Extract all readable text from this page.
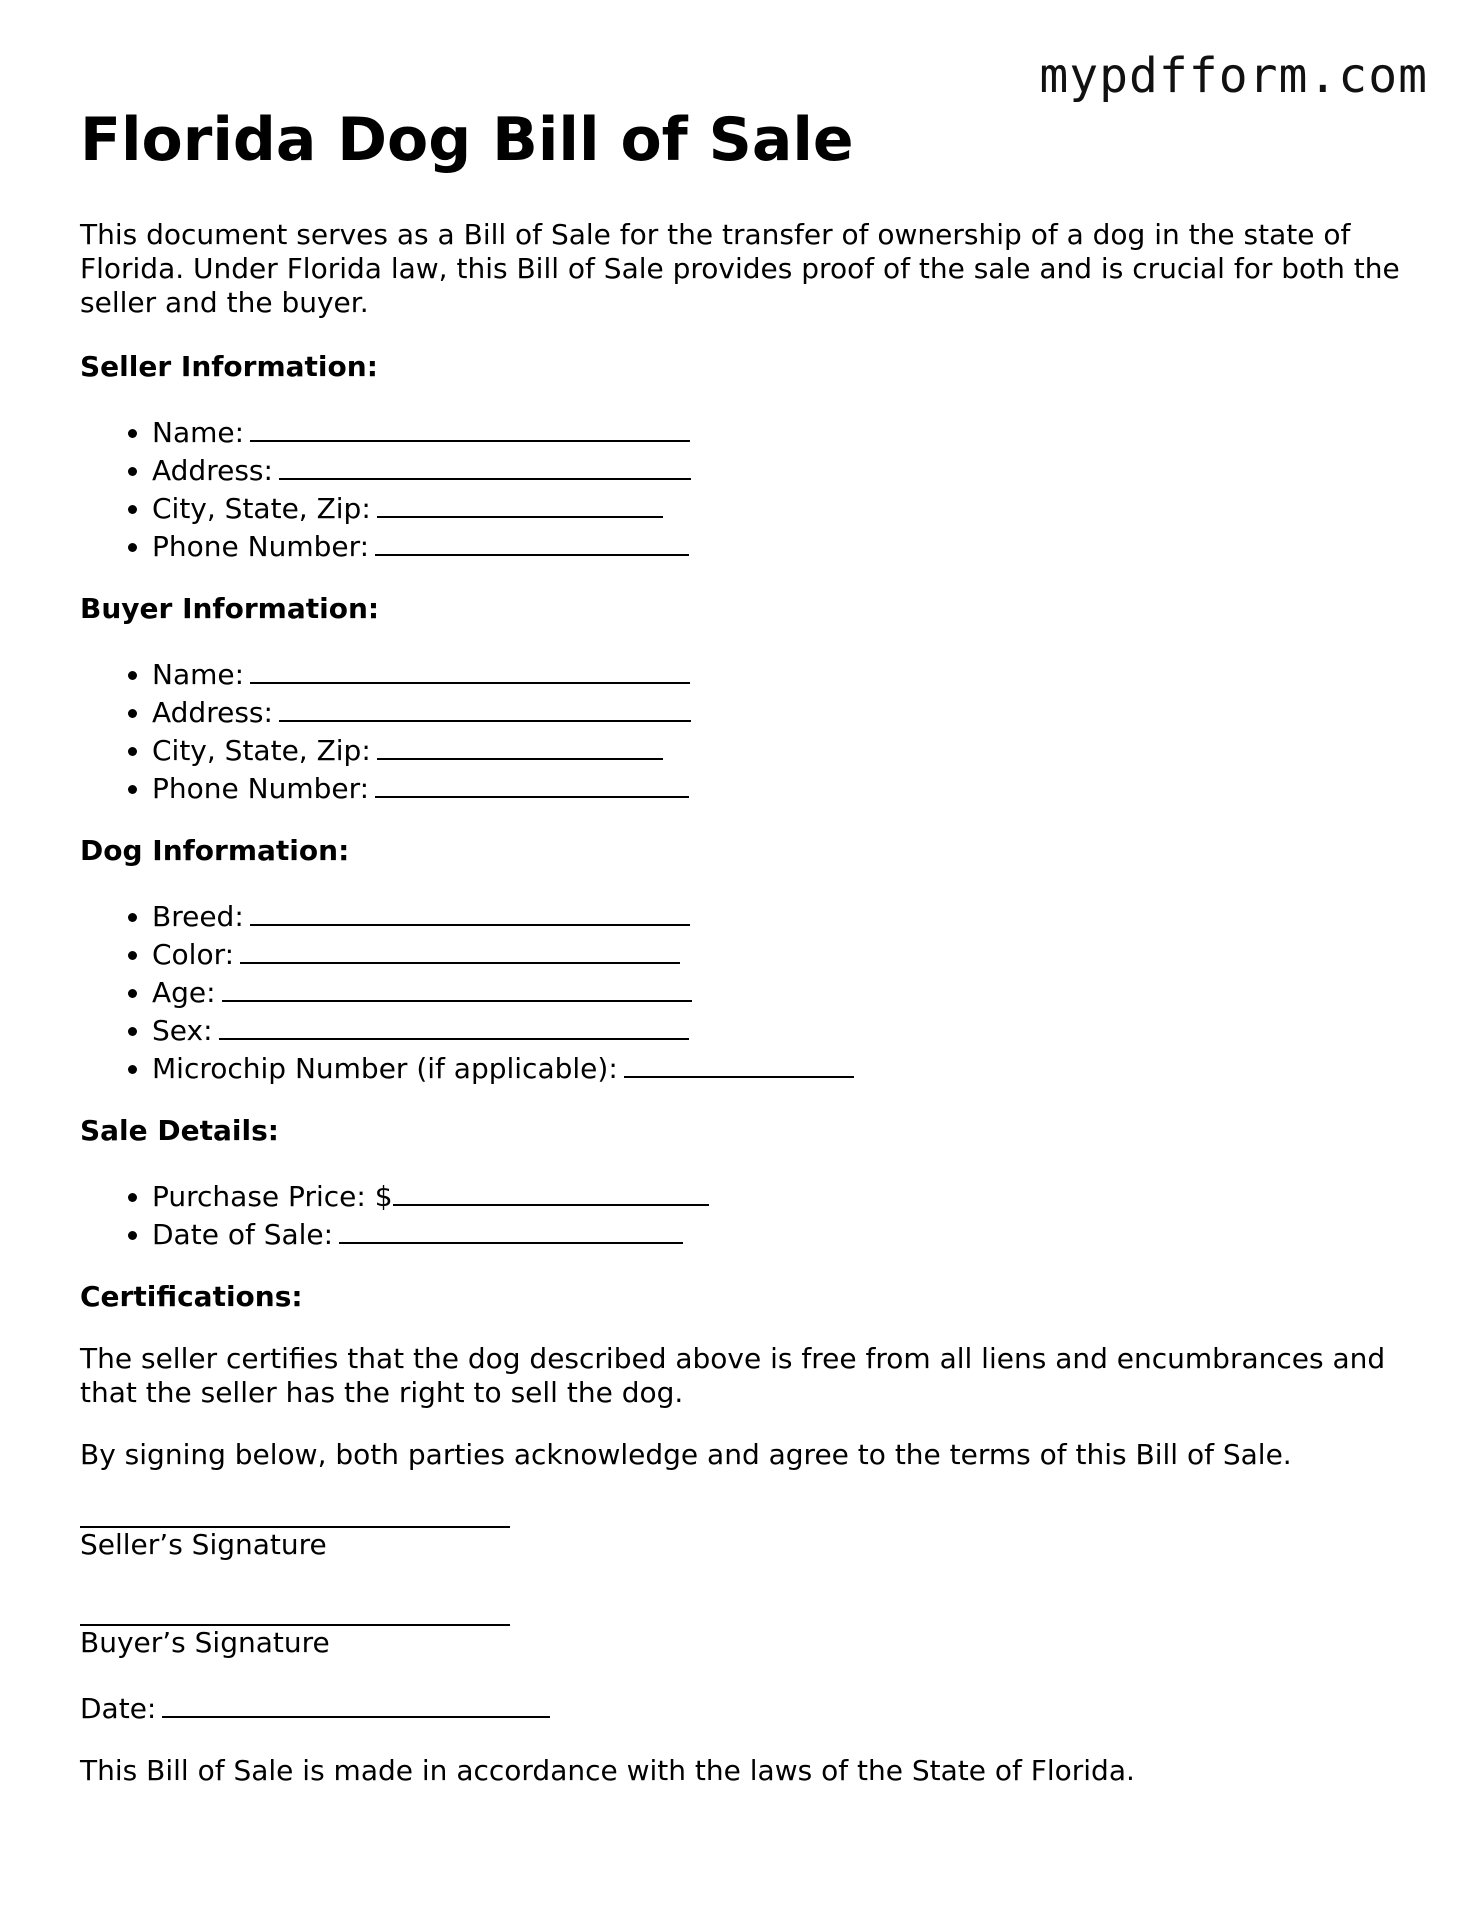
mypdfform.com
Florida Dog Bill of Sale

This document serves as a Bill of Sale for the transfer of ownership of a dog in the state of Florida. Under Florida law, this Bill of Sale provides proof of the sale and is crucial for both the seller and the buyer.

Seller Information:
• Name:
• Address:
• City, State, Zip:
• Phone Number:
Buyer Information:
• Name:
• Address:
• City, State, Zip:
• Phone Number:
Dog Information:
• Breed:
• Color:
• Age:
• Sex:
• Microchip Number (if applicable):
Sale Details:
• Purchase Price: $
• Date of Sale:
Certifications:

The seller certifies that the dog described above is free from all liens and encumbrances and that the seller has the right to sell the dog.

By signing below, both parties acknowledge and agree to the terms of this Bill of Sale.

Seller’s Signature
Buyer’s Signature
Date:

This Bill of Sale is made in accordance with the laws of the State of Florida.
